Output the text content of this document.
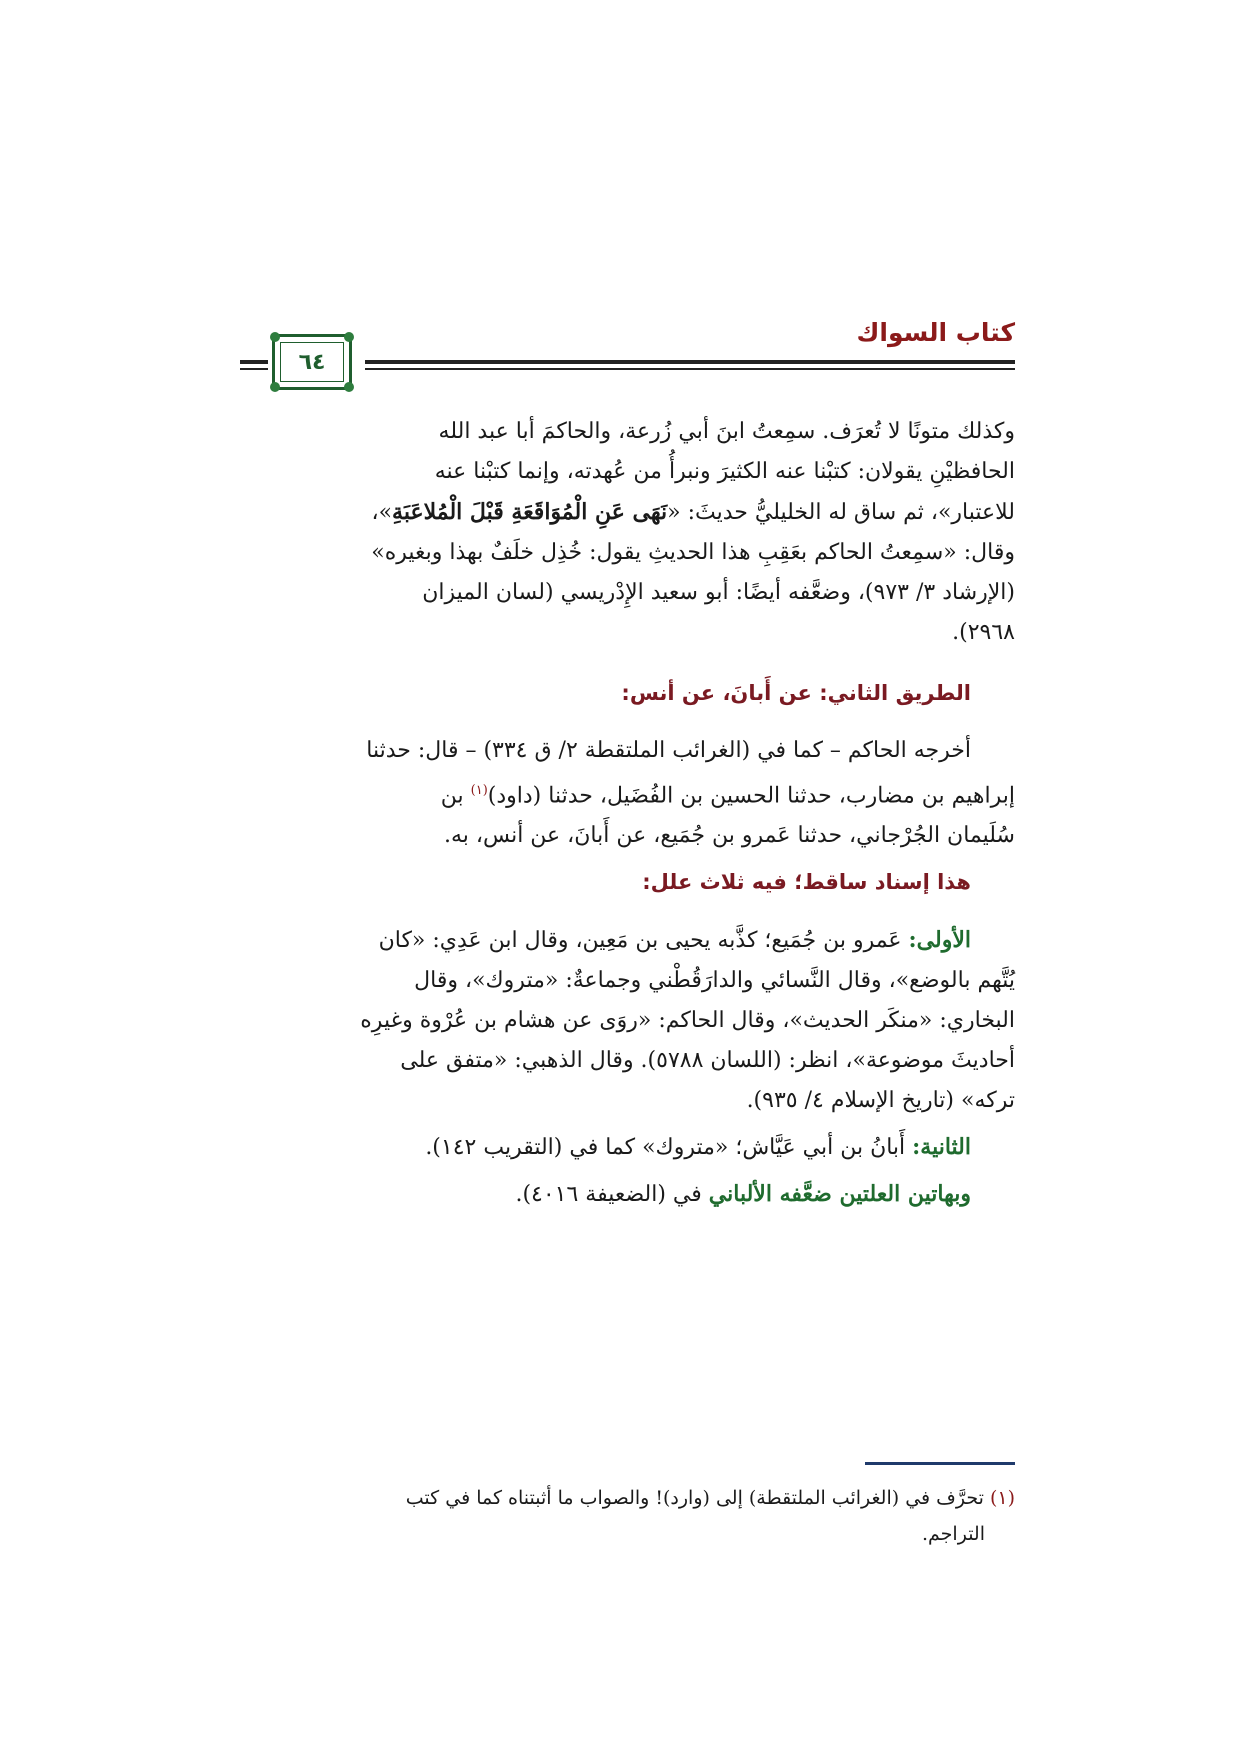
كتاب السواك
٦٤

وكذلك متونًا لا تُعرَف. سمِعتُ ابنَ أبي زُرعة، والحاكمَ أبا عبد الله
الحافظيْنِ يقولان: كتبْنا عنه الكثيرَ ونبرأُ من عُهدته، وإنما كتبْنا عنه
للاعتبار»، ثم ساق له الخليليُّ حديثَ: «نَهَى عَنِ الْمُوَاقَعَةِ قَبْلَ الْمُلاعَبَةِ»،
وقال: «سمِعتُ الحاكم بعَقِبِ هذا الحديثِ يقول: خُذِل خلَفٌ بهذا وبغيره»
(الإرشاد ٣/ ٩٧٣)، وضعَّفه أيضًا: أبو سعيد الإِدْريسي (لسان الميزان
٢٩٦٨).

الطريق الثاني: عن أَبانَ، عن أنس:

أخرجه الحاكم – كما في (الغرائب الملتقطة ٢/ ق ٣٣٤) – قال: حدثنا
إبراهيم بن مضارب، حدثنا الحسين بن الفُضَيل، حدثنا (داود)$^{(١)}$ بن
سُلَيمان الجُرْجاني، حدثنا عَمرو بن جُمَيع، عن أَبانَ، عن أنس، به.

هذا إسناد ساقط؛ فيه ثلاث علل:

الأولى: عَمرو بن جُمَيع؛ كذَّبه يحيى بن مَعِين، وقال ابن عَدِي: «كان
يُتَّهم بالوضع»، وقال النَّسائي والدارَقُطْني وجماعةٌ: «متروك»، وقال
البخاري: «منكَر الحديث»، وقال الحاكم: «روَى عن هشام بن عُرْوة وغيرِه
أحاديثَ موضوعة»، انظر: (اللسان ٥٧٨٨). وقال الذهبي: «متفق على
تركه» (تاريخ الإسلام ٤/ ٩٣٥).

الثانية: أَبانُ بن أبي عَيَّاش؛ «متروك» كما في (التقريب ١٤٢).

وبهاتين العلتين ضعَّفه الألباني في (الضعيفة ٤٠١٦).

(١) تحرَّف في (الغرائب الملتقطة) إلى (وارد)! والصواب ما أثبتناه كما في كتب
التراجم.
